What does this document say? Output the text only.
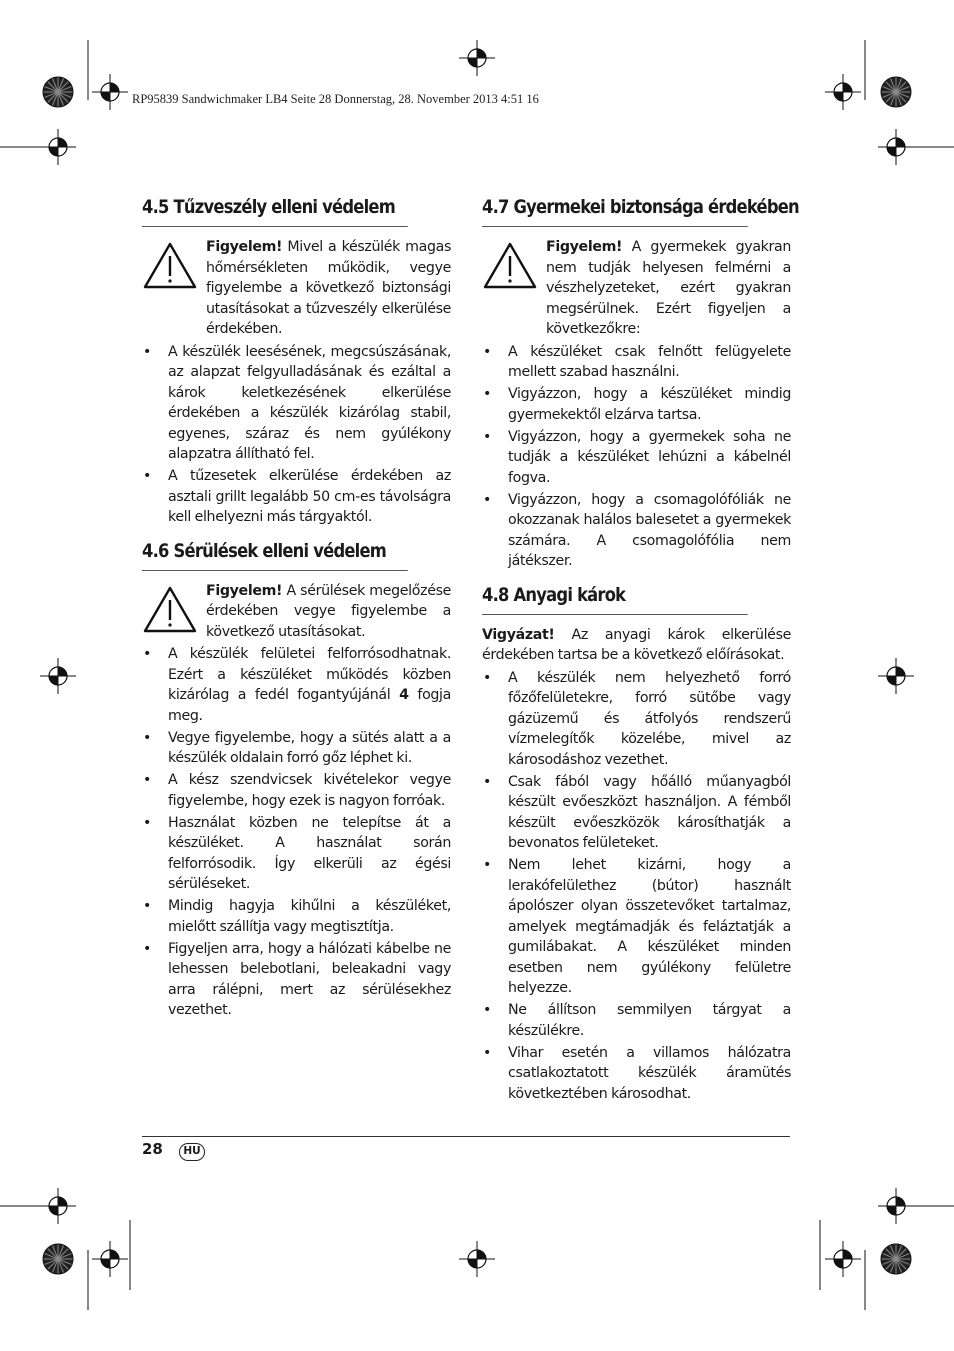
RP95839 Sandwichmaker LB4 Seite 28 Donnerstag, 28. November 2013 4:51 16
4.5 Tűzveszély elleni védelem

Figyelem! Mivel a készülék magas hőmérsékleten működik, vegye figyelembe a következő biztonsági utasításokat a tűzveszély elkerülése érdekében.

• A készülék leesésének, megcsúszásának, az alapzat felgyulladásának és ezáltal a károk keletkezésének elkerülése érdekében a készülék kizárólag stabil, egyenes, száraz és nem gyúlékony alapzatra állítható fel.
• A tűzesetek elkerülése érdekében az asztali grillt legalább 50 cm-es távolságra kell elhelyezni más tárgyaktól.
4.6 Sérülések elleni védelem

Figyelem! A sérülések megelőzése érdekében vegye figyelembe a következő utasításokat.

• A készülék felületei felforrósodhatnak. Ezért a készüléket működés közben kizárólag a fedél fogantyújánál 4 fogja meg.
• Vegye figyelembe, hogy a sütés alatt a a készülék oldalain forró gőz léphet ki.
• A kész szendvicsek kivételekor vegye figyelembe, hogy ezek is nagyon forróak.
• Használat közben ne telepítse át a készüléket. A használat során felforrósodik. Így elkerüli az égési sérüléseket.
• Mindig hagyja kihűlni a készüléket, mielőtt szállítja vagy megtisztítja.
• Figyeljen arra, hogy a hálózati kábelbe ne lehessen belebotlani, beleakadni vagy arra rálépni, mert az sérülésekhez vezethet.
4.7 Gyermekei biztonsága érdekében

Figyelem! A gyermekek gyakran nem tudják helyesen felmérni a vészhelyzeteket, ezért gyakran megsérülnek. Ezért figyeljen a következőkre:

• A készüléket csak felnőtt felügyelete mellett szabad használni.
• Vigyázzon, hogy a készüléket mindig gyermekektől elzárva tartsa.
• Vigyázzon, hogy a gyermekek soha ne tudják a készüléket lehúzni a kábelnél fogva.
• Vigyázzon, hogy a csomagolófóliák ne okozzanak halálos balesetet a gyermekek számára. A csomagolófólia nem játékszer.
4.8 Anyagi károk

Vigyázat! Az anyagi károk elkerülése érdekében tartsa be a következő előírásokat.

• A készülék nem helyezhető forró főzőfelületekre, forró sütőbe vagy gázüzemű és átfolyós rendszerű vízmelegítők közelébe, mivel az károsodáshoz vezethet.
• Csak fából vagy hőálló műanyagból készült evőeszközt használjon. A fémből készült evőeszközök károsíthatják a bevonatos felületeket.
• Nem lehet kizárni, hogy a lerakófelülethez (bútor) használt ápolószer olyan összetevőket tartalmaz, amelyek megtámadják és feláztatják a gumilábakat. A készüléket minden esetben nem gyúlékony felületre helyezze.
• Ne állítson semmilyen tárgyat a készülékre.
• Vihar esetén a villamos hálózatra csatlakoztatott készülék áramütés következtében károsodhat.
28	HU
